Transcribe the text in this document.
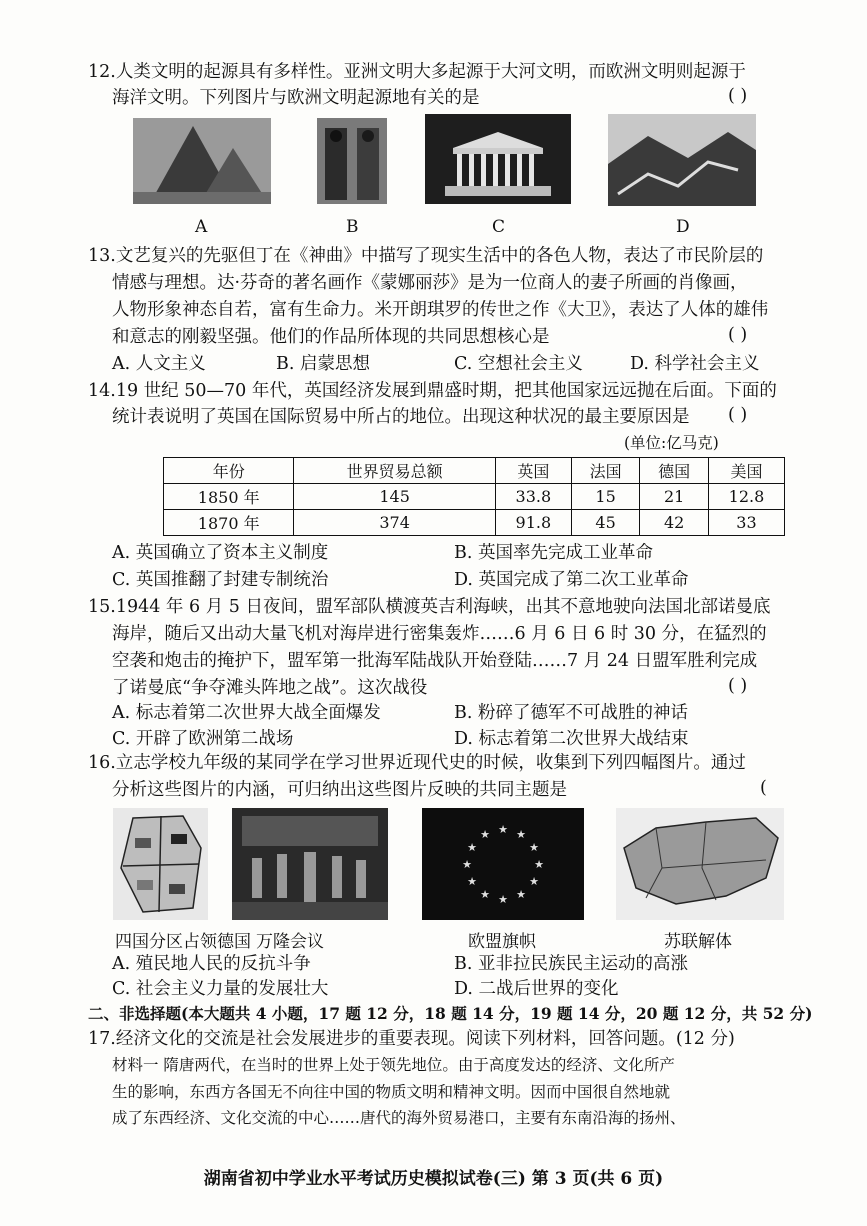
12.人类文明的起源具有多样性。亚洲文明大多起源于大河文明，而欧洲文明则起源于
海洋文明。下列图片与欧洲文明起源地有关的是	( )
A	B	C	D
13.文艺复兴的先驱但丁在《神曲》中描写了现实生活中的各色人物，表达了市民阶层的
情感与理想。达·芬奇的著名画作《蒙娜丽莎》是为一位商人的妻子所画的肖像画，
人物形象神态自若，富有生命力。米开朗琪罗的传世之作《大卫》，表达了人体的雄伟
和意志的刚毅坚强。他们的作品所体现的共同思想核心是	( )
A. 人文主义	B. 启蒙思想	C. 空想社会主义	D. 科学社会主义
14.19 世纪 50—70 年代，英国经济发展到鼎盛时期，把其他国家远远抛在后面。下面的
统计表说明了英国在国际贸易中所占的地位。出现这种状况的最主要原因是 ( )
(单位:亿马克)
年份	世界贸易总额	英国	法国	德国	美国
1850 年	145	33.8	15	21	12.8
1870 年	374	91.8	45	42	33
A. 英国确立了资本主义制度	B. 英国率先完成工业革命
C. 英国推翻了封建专制统治	D. 英国完成了第二次工业革命
15.1944 年 6 月 5 日夜间，盟军部队横渡英吉利海峡，出其不意地驶向法国北部诺曼底
海岸，随后又出动大量飞机对海岸进行密集轰炸……6 月 6 日 6 时 30 分，在猛烈的
空袭和炮击的掩护下，盟军第一批海军陆战队开始登陆……7 月 24 日盟军胜利完成
了诺曼底“争夺滩头阵地之战”。这次战役	( )
A. 标志着第二次世界大战全面爆发	B. 粉碎了德军不可战胜的神话
C. 开辟了欧洲第二战场	D. 标志着第二次世界大战结束
16.立志学校九年级的某同学在学习世界近现代史的时候，收集到下列四幅图片。通过
分析这些图片的内涵，可归纳出这些图片反映的共同主题是	(
★ ★
★
★
★
★
★
★
★
★
★
★
四国分区占领德国 万隆会议	欧盟旗帜	苏联解体
A. 殖民地人民的反抗斗争	B. 亚非拉民族民主运动的高涨
C. 社会主义力量的发展壮大	D. 二战后世界的变化
二、非选择题(本大题共 4 小题，17 题 12 分，18 题 14 分，19 题 14 分，20 题 12 分，共 52 分)
17.经济文化的交流是社会发展进步的重要表现。阅读下列材料，回答问题。(12 分)
材料一 隋唐两代，在当时的世界上处于领先地位。由于高度发达的经济、文化所产
生的影响，东西方各国无不向往中国的物质文明和精神文明。因而中国很自然地就
成了东西经济、文化交流的中心……唐代的海外贸易港口，主要有东南沿海的扬州、
湖南省初中学业水平考试历史模拟试卷(三) 第 3 页(共 6 页)
